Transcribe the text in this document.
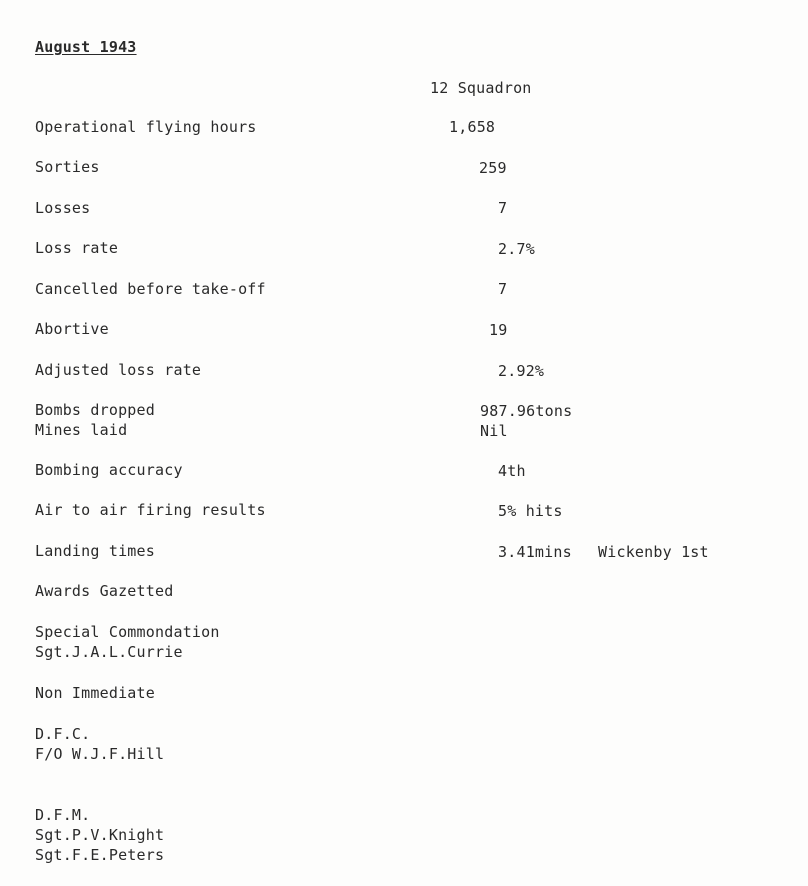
August 1943
12 Squadron
Operational flying hours	1,658
Sorties	259
Losses	7
Loss rate	2.7%
Cancelled before take-off	7
Abortive	19
Adjusted loss rate	2.92%
Bombs dropped	987.96tons
Mines laid	Nil
Bombing accuracy	4th
Air to air firing results	5% hits
Landing times	3.41mins Wickenby 1st
Awards Gazetted
Special Commondation
Sgt.J.A.L.Currie
Non Immediate
D.F.C.
F/O W.J.F.Hill
D.F.M.
Sgt.P.V.Knight
Sgt.F.E.Peters
